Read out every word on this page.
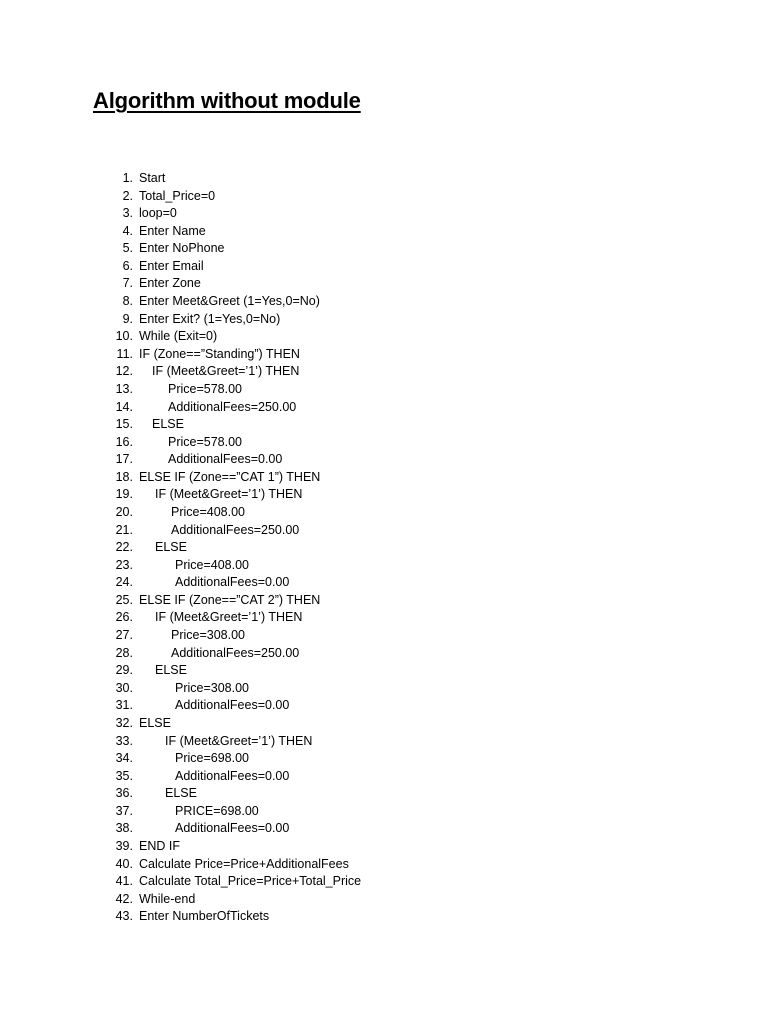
Algorithm without module
1. Start
2. Total_Price=0
3. loop=0
4. Enter Name
5. Enter NoPhone
6. Enter Email
7. Enter Zone
8. Enter Meet&Greet (1=Yes,0=No)
9. Enter Exit? (1=Yes,0=No)
10. While (Exit=0)
11. IF (Zone==”Standing”) THEN
12. IF (Meet&Greet=’1’) THEN
13.	Price=578.00
14.	AdditionalFees=250.00
15. ELSE
16.	Price=578.00
17.	AdditionalFees=0.00
18. ELSE IF (Zone==”CAT 1”) THEN
19. IF (Meet&Greet=’1’) THEN
20.	Price=408.00
21.	AdditionalFees=250.00
22. ELSE
23.	Price=408.00
24.	AdditionalFees=0.00
25. ELSE IF (Zone==”CAT 2”) THEN
26. IF (Meet&Greet=’1’) THEN
27.	Price=308.00
28.	AdditionalFees=250.00
29. ELSE
30.	Price=308.00
31.	AdditionalFees=0.00
32. ELSE
33.	IF (Meet&Greet=’1’) THEN
34.	Price=698.00
35.	AdditionalFees=0.00
36.	ELSE
37.	PRICE=698.00
38.	AdditionalFees=0.00
39. END IF
40. Calculate Price=Price+AdditionalFees
41. Calculate Total_Price=Price+Total_Price
42. While-end
43. Enter NumberOfTickets
